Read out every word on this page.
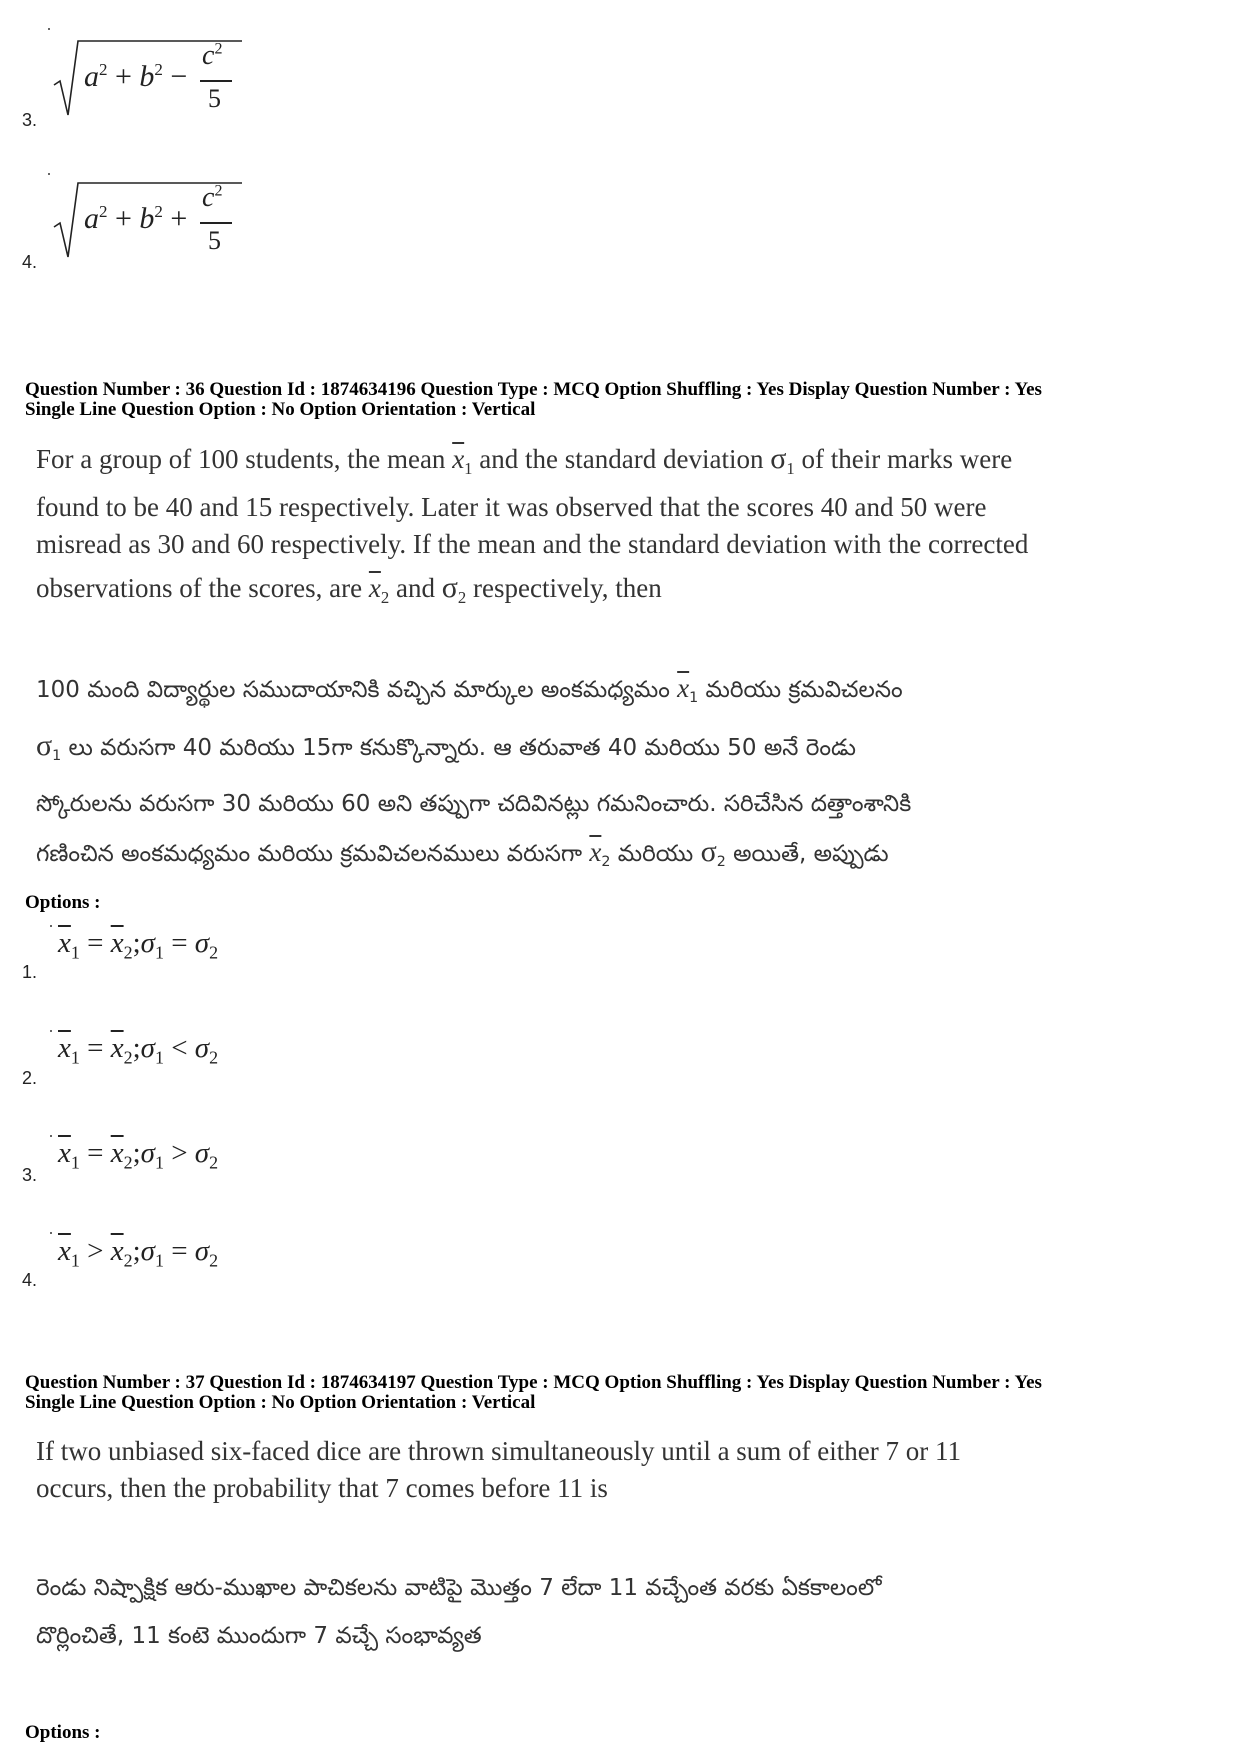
3.
$a^2 + b^2$ −
$c^2$
5
4.
$a^2 + b^2$ +
$c^2$
5
Question Number : 36 Question Id : 1874634196 Question Type : MCQ Option Shuffling : Yes Display Question Number : Yes
Single Line Question Option : No Option Orientation : Vertical
For a group of 100 students, the mean $\overline{x}_1$ and the standard deviation $\sigma_1$ of their marks were
found to be 40 and 15 respectively. Later it was observed that the scores 40 and 50 were
misread as 30 and 60 respectively. If the mean and the standard deviation with the corrected
observations of the scores, are $\overline{x}_2$ and $\sigma_2$ respectively, then
100 మంది విద్యార్థుల సముదాయానికి వచ్చిన మార్కుల అంకమధ్యమం $\overline{x}_1$ మరియు క్రమవిచలనం
$\sigma_1$ లు వరుసగా 40 మరియు 15గా కనుక్కొన్నారు. ఆ తరువాత 40 మరియు 50 అనే రెండు
స్కోరులను వరుసగా 30 మరియు 60 అని తప్పుగా చదివినట్లు గమనించారు. సరిచేసిన దత్తాంశానికి
గణించిన అంకమధ్యమం మరియు క్రమవిచలనములు వరుసగా $\overline{x}_2$ మరియు $\sigma_2$ అయితే, అప్పుడు
Options :
1.
$\overline{x}_1$ = $\overline{x}_2;\sigma_1 = \sigma_2$
2.
$\overline{x}_1$ = $\overline{x}_2;\sigma_1 < \sigma_2$
3.
$\overline{x}_1$ = $\overline{x}_2;\sigma_1 > \sigma_2$
4.
$\overline{x}_1$ > $\overline{x}_2;\sigma_1 = \sigma_2$
Question Number : 37 Question Id : 1874634197 Question Type : MCQ Option Shuffling : Yes Display Question Number : Yes
Single Line Question Option : No Option Orientation : Vertical
If two unbiased six-faced dice are thrown simultaneously until a sum of either 7 or 11
occurs, then the probability that 7 comes before 11 is
రెండు నిష్పాక్షిక ఆరు-ముఖాల పాచికలను వాటిపై మొత్తం 7 లేదా 11 వచ్చేంత వరకు ఏకకాలంలో
దొర్లించితే, 11 కంటె ముందుగా 7 వచ్చే సంభావ్యత
Options :
